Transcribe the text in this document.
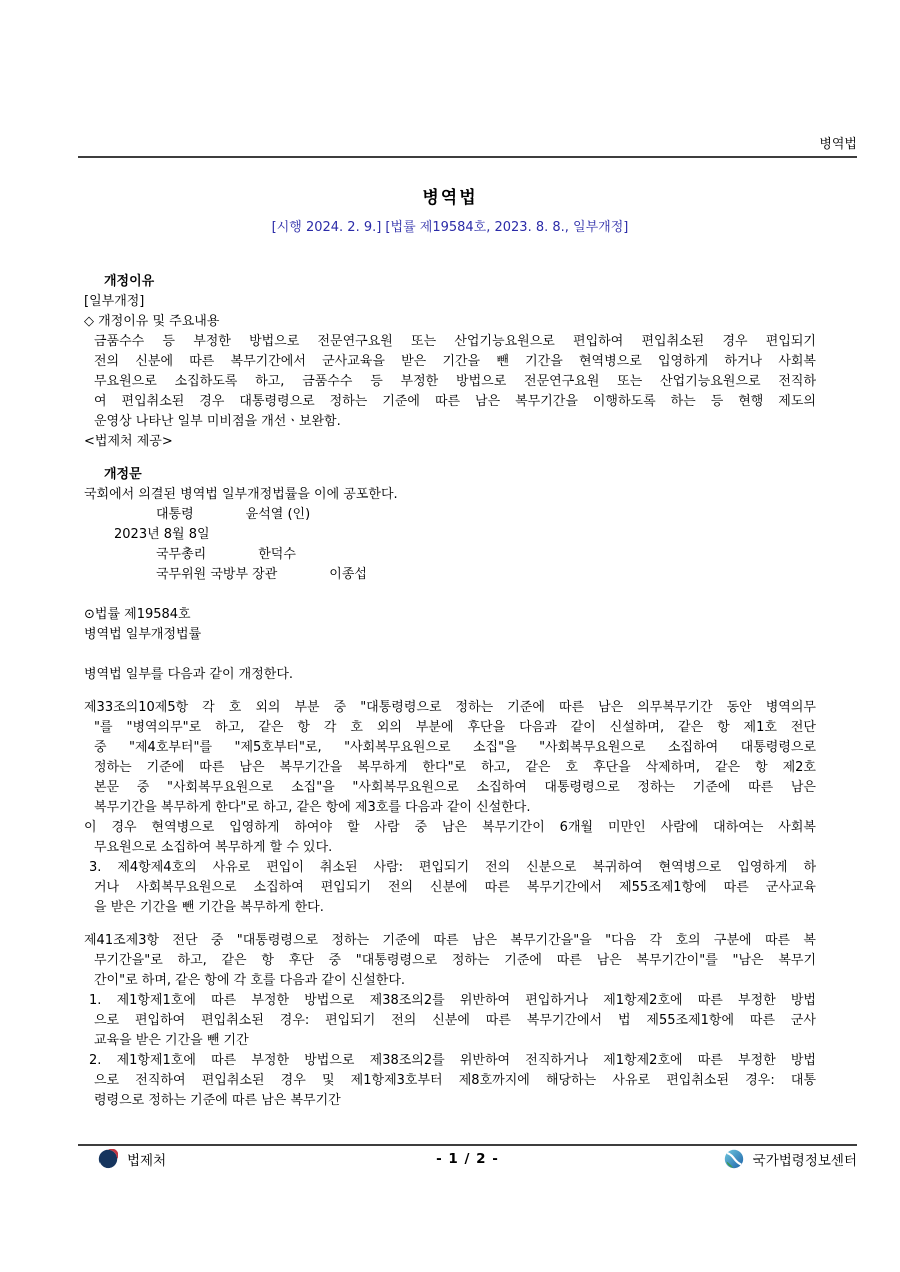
병역법
병역법
[시행 2024. 2. 9.] [법률 제19584호, 2023. 8. 8., 일부개정]
개정이유
[일부개정]
◇ 개정이유 및 주요내용
금품수수 등 부정한 방법으로 전문연구요원 또는 산업기능요원으로 편입하여 편입취소된 경우 편입되기
전의 신분에 따른 복무기간에서 군사교육을 받은 기간을 뺀 기간을 현역병으로 입영하게 하거나 사회복
무요원으로 소집하도록 하고, 금품수수 등 부정한 방법으로 전문연구요원 또는 산업기능요원으로 전직하
여 편입취소된 경우 대통령령으로 정하는 기준에 따른 남은 복무기간을 이행하도록 하는 등 현행 제도의
운영상 나타난 일부 미비점을 개선ㆍ보완함.
<법제처 제공>
개정문
국회에서 의결된 병역법 일부개정법률을 이에 공포한다.
대통령　　　　윤석열 (인)
2023년 8월 8일
국무총리　　　　한덕수
국무위원 국방부 장관　　　　이종섭
⊙법률 제19584호
병역법 일부개정법률
병역법 일부를 다음과 같이 개정한다.
제33조의10제5항 각 호 외의 부분 중 "대통령령으로 정하는 기준에 따른 남은 의무복무기간 동안 병역의무
"를 "병역의무"로 하고, 같은 항 각 호 외의 부분에 후단을 다음과 같이 신설하며, 같은 항 제1호 전단
중 "제4호부터"를 "제5호부터"로, "사회복무요원으로 소집"을 "사회복무요원으로 소집하여 대통령령으로
정하는 기준에 따른 남은 복무기간을 복무하게 한다"로 하고, 같은 호 후단을 삭제하며, 같은 항 제2호
본문 중 "사회복무요원으로 소집"을 "사회복무요원으로 소집하여 대통령령으로 정하는 기준에 따른 남은
복무기간을 복무하게 한다"로 하고, 같은 항에 제3호를 다음과 같이 신설한다.
이 경우 현역병으로 입영하게 하여야 할 사람 중 남은 복무기간이 6개월 미만인 사람에 대하여는 사회복
무요원으로 소집하여 복무하게 할 수 있다.
3. 제4항제4호의 사유로 편입이 취소된 사람: 편입되기 전의 신분으로 복귀하여 현역병으로 입영하게 하
거나 사회복무요원으로 소집하여 편입되기 전의 신분에 따른 복무기간에서 제55조제1항에 따른 군사교육
을 받은 기간을 뺀 기간을 복무하게 한다.
제41조제3항 전단 중 "대통령령으로 정하는 기준에 따른 남은 복무기간을"을 "다음 각 호의 구분에 따른 복
무기간을"로 하고, 같은 항 후단 중 "대통령령으로 정하는 기준에 따른 남은 복무기간이"를 "남은 복무기
간이"로 하며, 같은 항에 각 호를 다음과 같이 신설한다.
1. 제1항제1호에 따른 부정한 방법으로 제38조의2를 위반하여 편입하거나 제1항제2호에 따른 부정한 방법
으로 편입하여 편입취소된 경우: 편입되기 전의 신분에 따른 복무기간에서 법 제55조제1항에 따른 군사
교육을 받은 기간을 뺀 기간
2. 제1항제1호에 따른 부정한 방법으로 제38조의2를 위반하여 전직하거나 제1항제2호에 따른 부정한 방법
으로 전직하여 편입취소된 경우 및 제1항제3호부터 제8호까지에 해당하는 사유로 편입취소된 경우: 대통
령령으로 정하는 기준에 따른 남은 복무기간
법제처	- 1 / 2 -	국가법령정보센터
